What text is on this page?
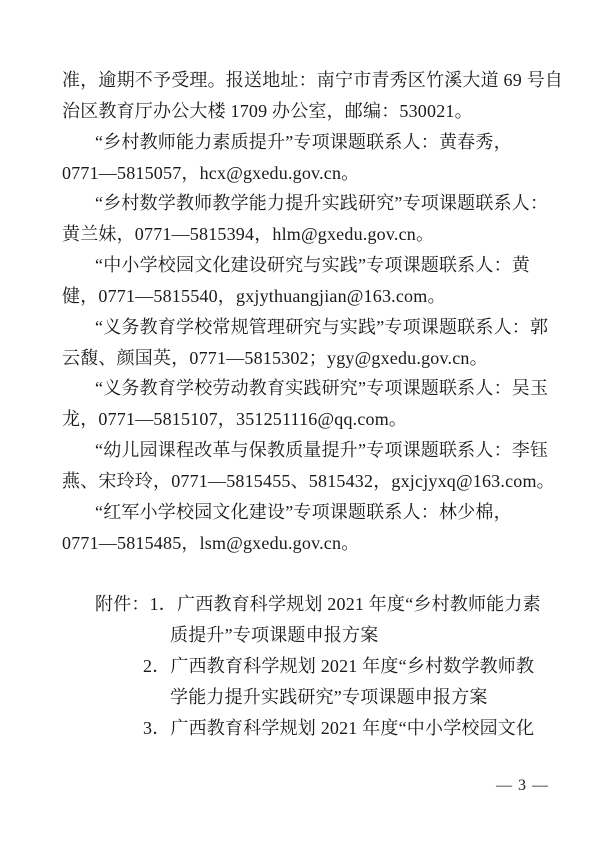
准，逾期不予受理。报送地址：南宁市青秀区竹溪大道 69 号自
治区教育厅办公大楼 1709 办公室，邮编：530021。
“乡村教师能力素质提升”专项课题联系人：黄春秀，
0771—5815057，hcx@gxedu.gov.cn。
“乡村数学教师教学能力提升实践研究”专项课题联系人：
黄兰妹，0771—5815394，hlm@gxedu.gov.cn。
“中小学校园文化建设研究与实践”专项课题联系人：黄
健，0771—5815540，gxjythuangjian@163.com。
“义务教育学校常规管理研究与实践”专项课题联系人：郭
云馥、颜国英，0771—5815302；ygy@gxedu.gov.cn。
“义务教育学校劳动教育实践研究”专项课题联系人：吴玉
龙，0771—5815107，351251116@qq.com。
“幼儿园课程改革与保教质量提升”专项课题联系人：李钰
燕、宋玲玲，0771—5815455、5815432，gxjcjyxq@163.com。
“红军小学校园文化建设”专项课题联系人：林少棉，
0771—5815485，lsm@gxedu.gov.cn。
附件：1．广西教育科学规划 2021 年度“乡村教师能力素
质提升”专项课题申报方案
2．广西教育科学规划 2021 年度“乡村数学教师教
学能力提升实践研究”专项课题申报方案
3．广西教育科学规划 2021 年度“中小学校园文化
— 3 —
